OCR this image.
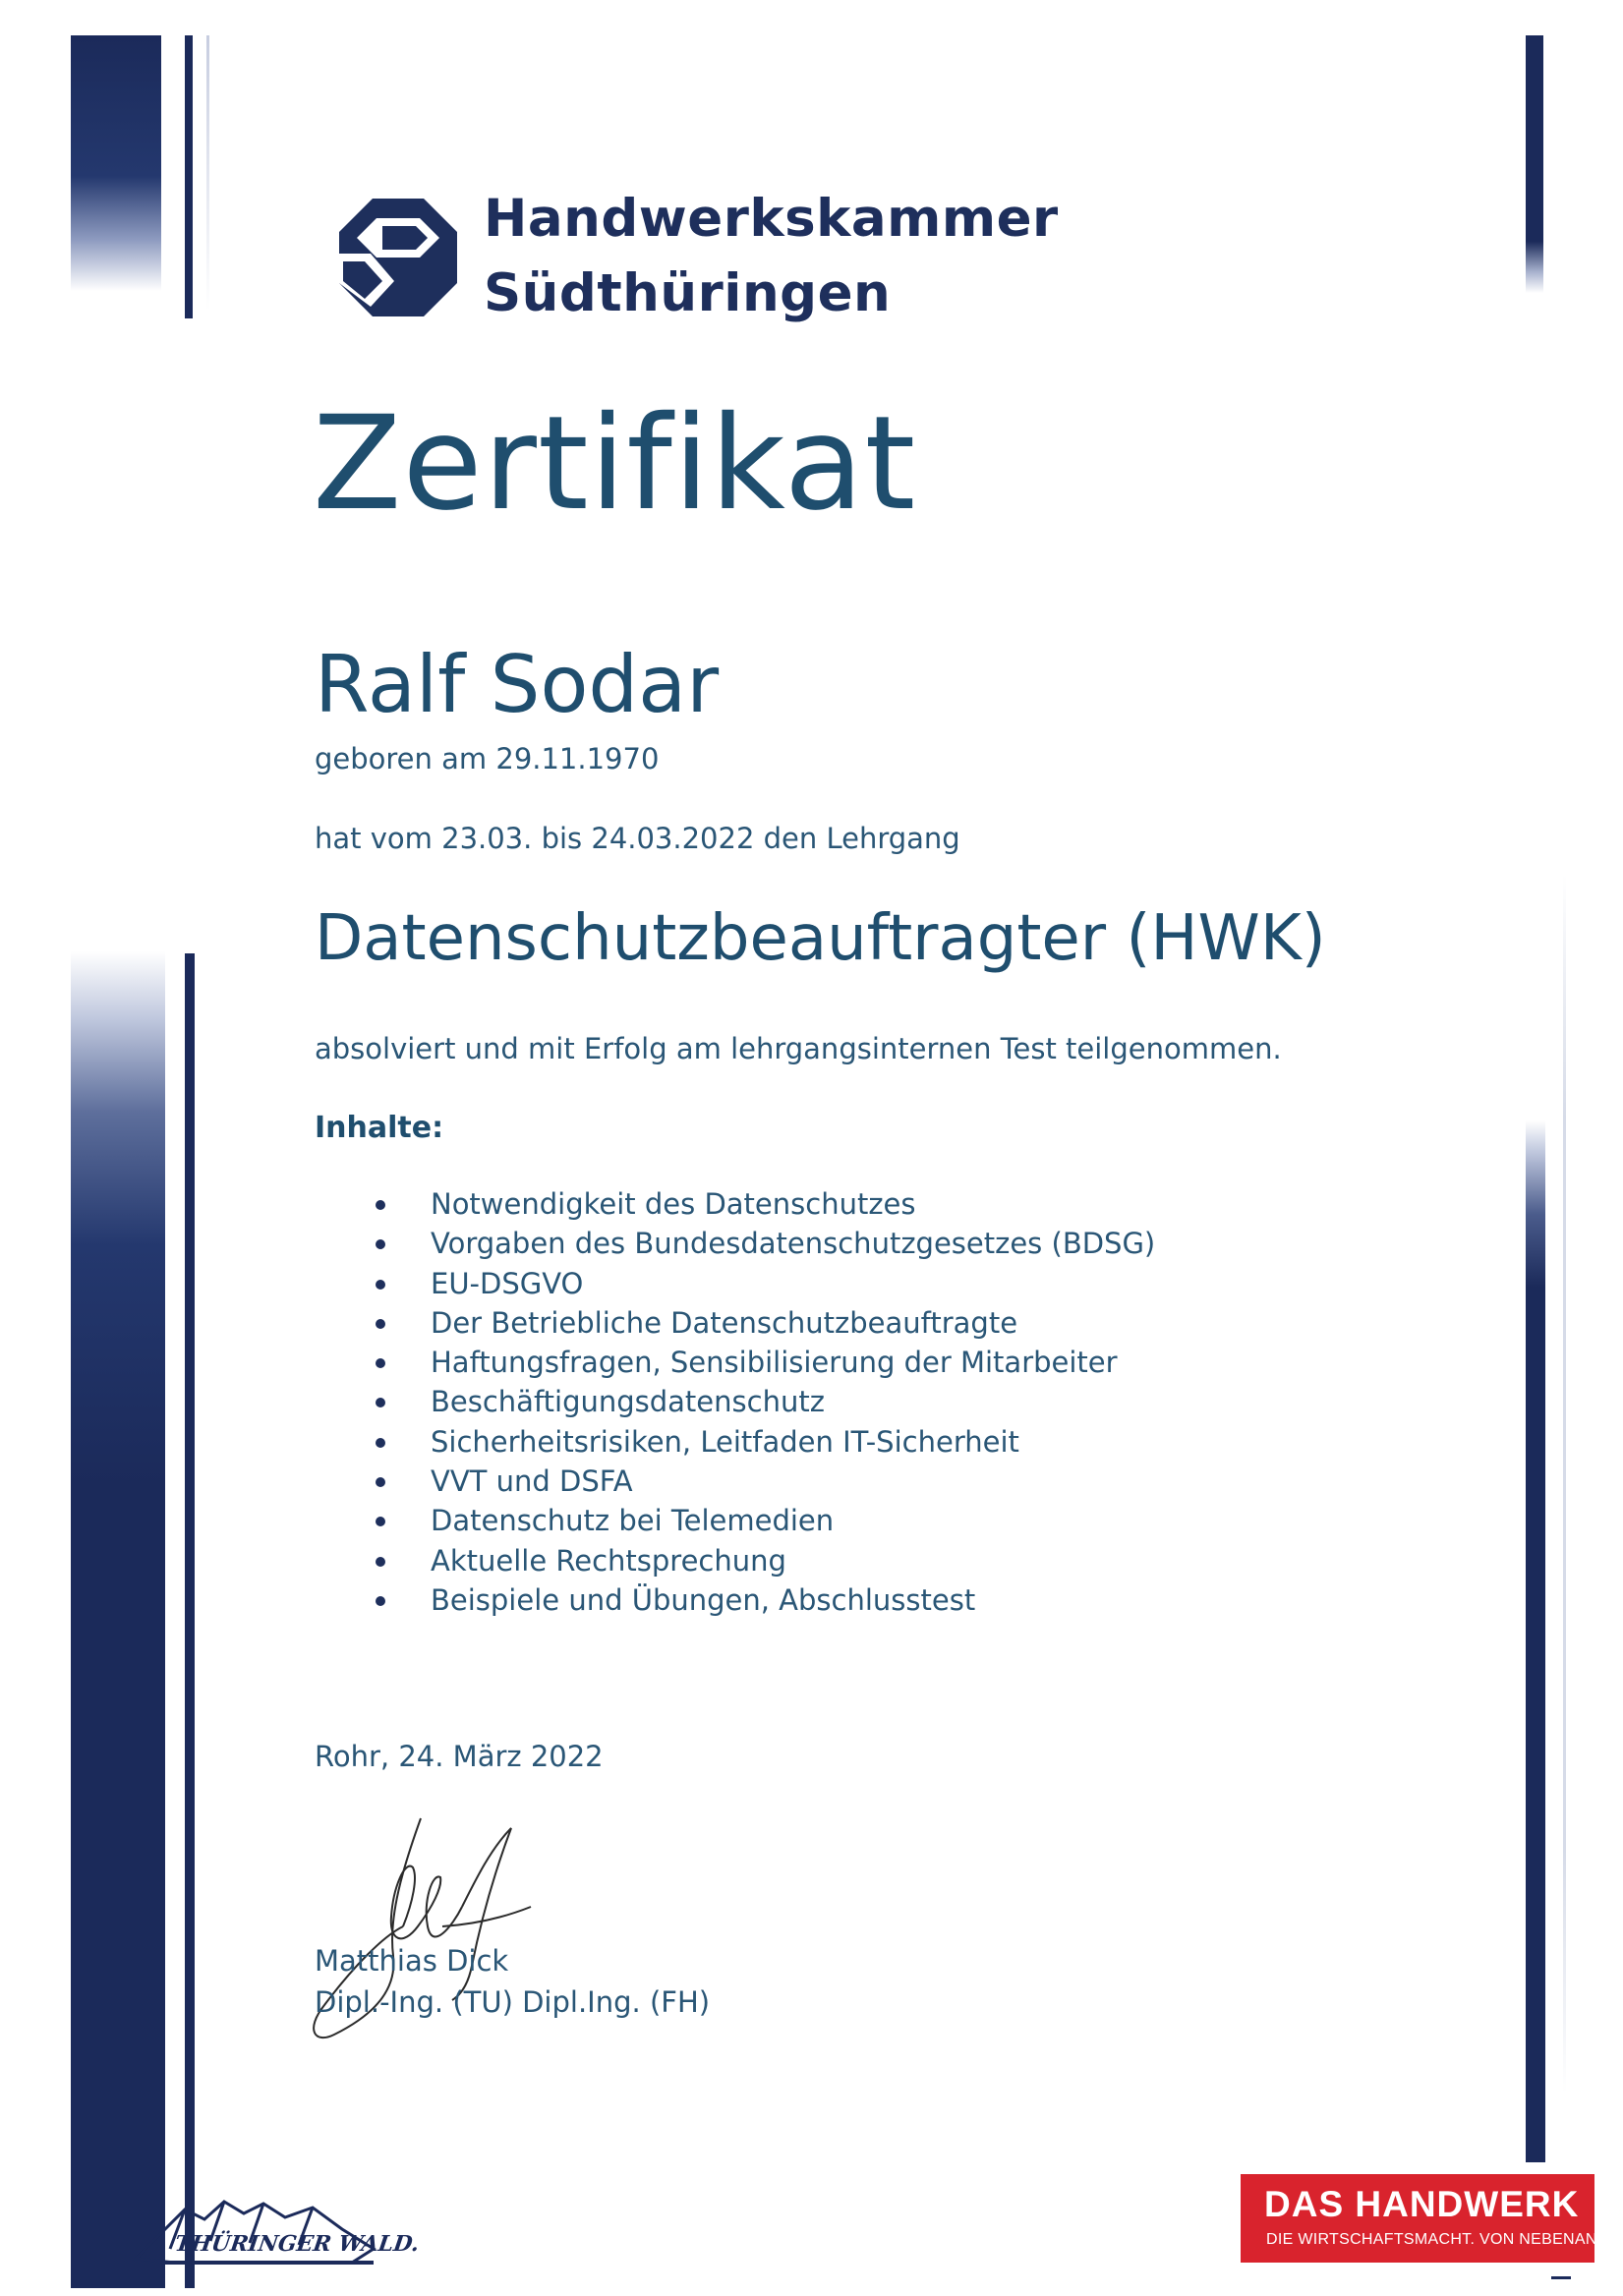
Handwerkskammer
Südthüringen
Zertifikat
Ralf Sodar
geboren am 29.11.1970
hat vom 23.03. bis 24.03.2022 den Lehrgang
Datenschutzbeauftragter (HWK)
absolviert und mit Erfolg am lehrgangsinternen Test teilgenommen.
Inhalte:
Notwendigkeit des Datenschutzes
Vorgaben des Bundesdatenschutzgesetzes (BDSG)
EU-DSGVO
Der Betriebliche Datenschutzbeauftragte
Haftungsfragen, Sensibilisierung der Mitarbeiter
Beschäftigungsdatenschutz
Sicherheitsrisiken, Leitfaden IT-Sicherheit
VVT und DSFA
Datenschutz bei Telemedien
Aktuelle Rechtsprechung
Beispiele und Übungen, Abschlusstest
Rohr, 24. März 2022
Matthias Dick
Dipl.-Ing. (TU) Dipl.Ing. (FH)
THÜRINGER WALD.
DAS HANDWERK
DIE WIRTSCHAFTSMACHT. VON NEBENAN.
